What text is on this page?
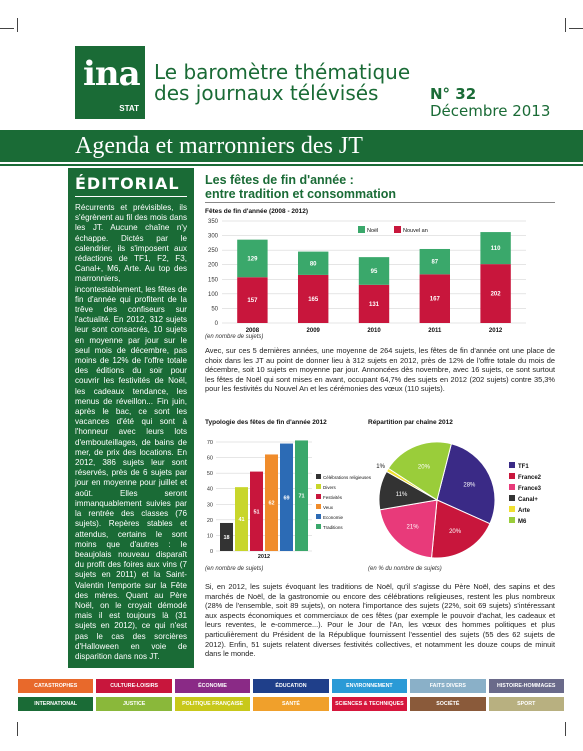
ina
STAT
Le baromètre thématique
des journaux télévisés	N° 32
Décembre 2013
Agenda et marronniers des JT
ÉDITORIAL
Récurrents et prévisibles, ils s'égrènent au fil des mois dans les JT. Aucune chaîne n'y échappe. Dictés par le calendrier, ils s'imposent aux rédactions de TF1, F2, F3, Canal+, M6, Arte. Au top des marronniers, incontestablement, les fêtes de fin d'année qui profitent de la trêve des confiseurs sur l'actualité. En 2012, 312 sujets leur sont consacrés, 10 sujets en moyenne par jour sur le seul mois de décembre, pas moins de 12% de l'offre totale des éditions du soir pour couvrir les festivités de Noël, les cadeaux tendance, les menus de réveillon... Fin juin, après le bac, ce sont les vacances d'été qui sont à l'honneur avec leurs lots d'embouteillages, de bains de mer, de prix des locations. En 2012, 386 sujets leur sont réservés, près de 6 sujets par jour en moyenne pour juillet et août. Elles seront immanquablement suivies par la rentrée des classes (76 sujets). Repères stables et attendus, certains le sont moins que d'autres : le beaujolais nouveau disparaît du profit des foires aux vins (7 sujets en 2011) et la Saint-Valentin l'emporte sur la Fête des mères. Quant au Père Noël, on le croyait démodé mais il est toujours là (31 sujets en 2012), ce qui n'est pas le cas des sorcières d'Halloween en voie de disparition dans nos JT.
Les fêtes de fin d'année :
entre tradition et consommation
Fêtes de fin d'année (2008 - 2012)
0
50
100
150
200
250
300
350
157
129
2008
165
80
2009
131
95
2010
167
87
2011
202
110
2012
Noël	Nouvel an
(en nombre de sujets)
Avec, sur ces 5 dernières années, une moyenne de 264 sujets, les fêtes de fin d'année ont une place de choix dans les JT au point de donner lieu à 312 sujets en 2012, près de 12% de l'offre totale du mois de décembre, soit 10 sujets en moyenne par jour. Annoncées dès novembre, avec 16 sujets, ce sont surtout les fêtes de Noël qui sont mises en avant, occupant 64,7% des sujets en 2012 (202 sujets) contre 35,3% pour les festivités du Nouvel An et les cérémonies des vœux (110 sujets).
Typologie des fêtes de fin d'année 2012
0
10
20
30
40
50
60
70
18
Célébrations religieuses
41
Divers
51
Festivités
62
Veux
69
Economie
71
Traditions
2012
(en nombre de sujets)
Répartition par chaîne 2012
28%
TF1
20%
France2
21%
France3
11%
Canal+
1%
Arte
20%
M6
(en % du nombre de sujets)
Si, en 2012, les sujets évoquant les traditions de Noël, qu'il s'agisse du Père Noël, des sapins et des marchés de Noël, de la gastronomie ou encore des célébrations religieuses, restent les plus nombreux (28% de l'ensemble, soit 89 sujets), on notera l'importance des sujets (22%, soit 69 sujets) s'intéressant aux aspects économiques et commerciaux de ces fêtes (par exemple le pouvoir d'achat, les cadeaux et leurs reventes, le e-commerce...). Pour le Jour de l'An, les vœux des hommes politiques et plus particulièrement du Président de la République fournissent l'essentiel des sujets (55 des 62 sujets de 2012). Enfin, 51 sujets relatent diverses festivités collectives, et notamment les douze coups de minuit dans le monde.
CATASTROPHES	CULTURE-LOISIRS	ÉCONOMIE	ÉDUCATION	ENVIRONNEMENT	FAITS DIVERS	HISTOIRE-HOMMAGES
INTERNATIONAL	JUSTICE	POLITIQUE FRANÇAISE	SANTÉ	SCIENCES & TECHNIQUES	SOCIÉTÉ	SPORT
